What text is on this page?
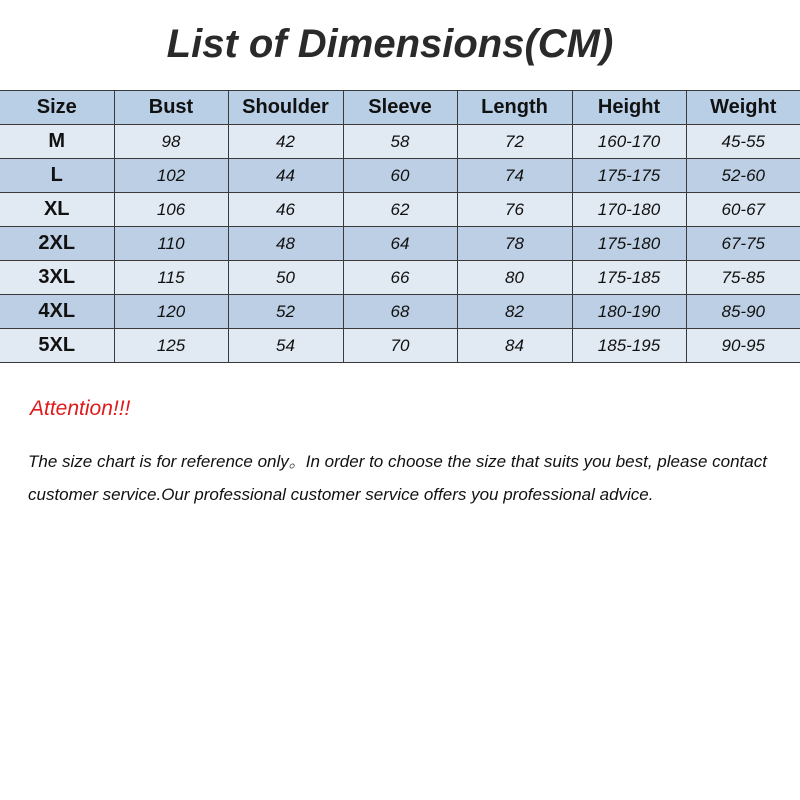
List of Dimensions(CM)
Size	Bust	Shoulder	Sleeve	Length	Height	Weight
M	98	42	58	72	160-170	45-55
L	102	44	60	74	175-175	52-60
XL	106	46	62	76	170-180	60-67
2XL	110	48	64	78	175-180	67-75
3XL	115	50	66	80	175-185	75-85
4XL	120	52	68	82	180-190	85-90
5XL	125	54	70	84	185-195	90-95
Attention!!!

The size chart is for reference only。In order to choose the size that suits you best, please contact customer service.Our professional customer service offers you professional advice.
